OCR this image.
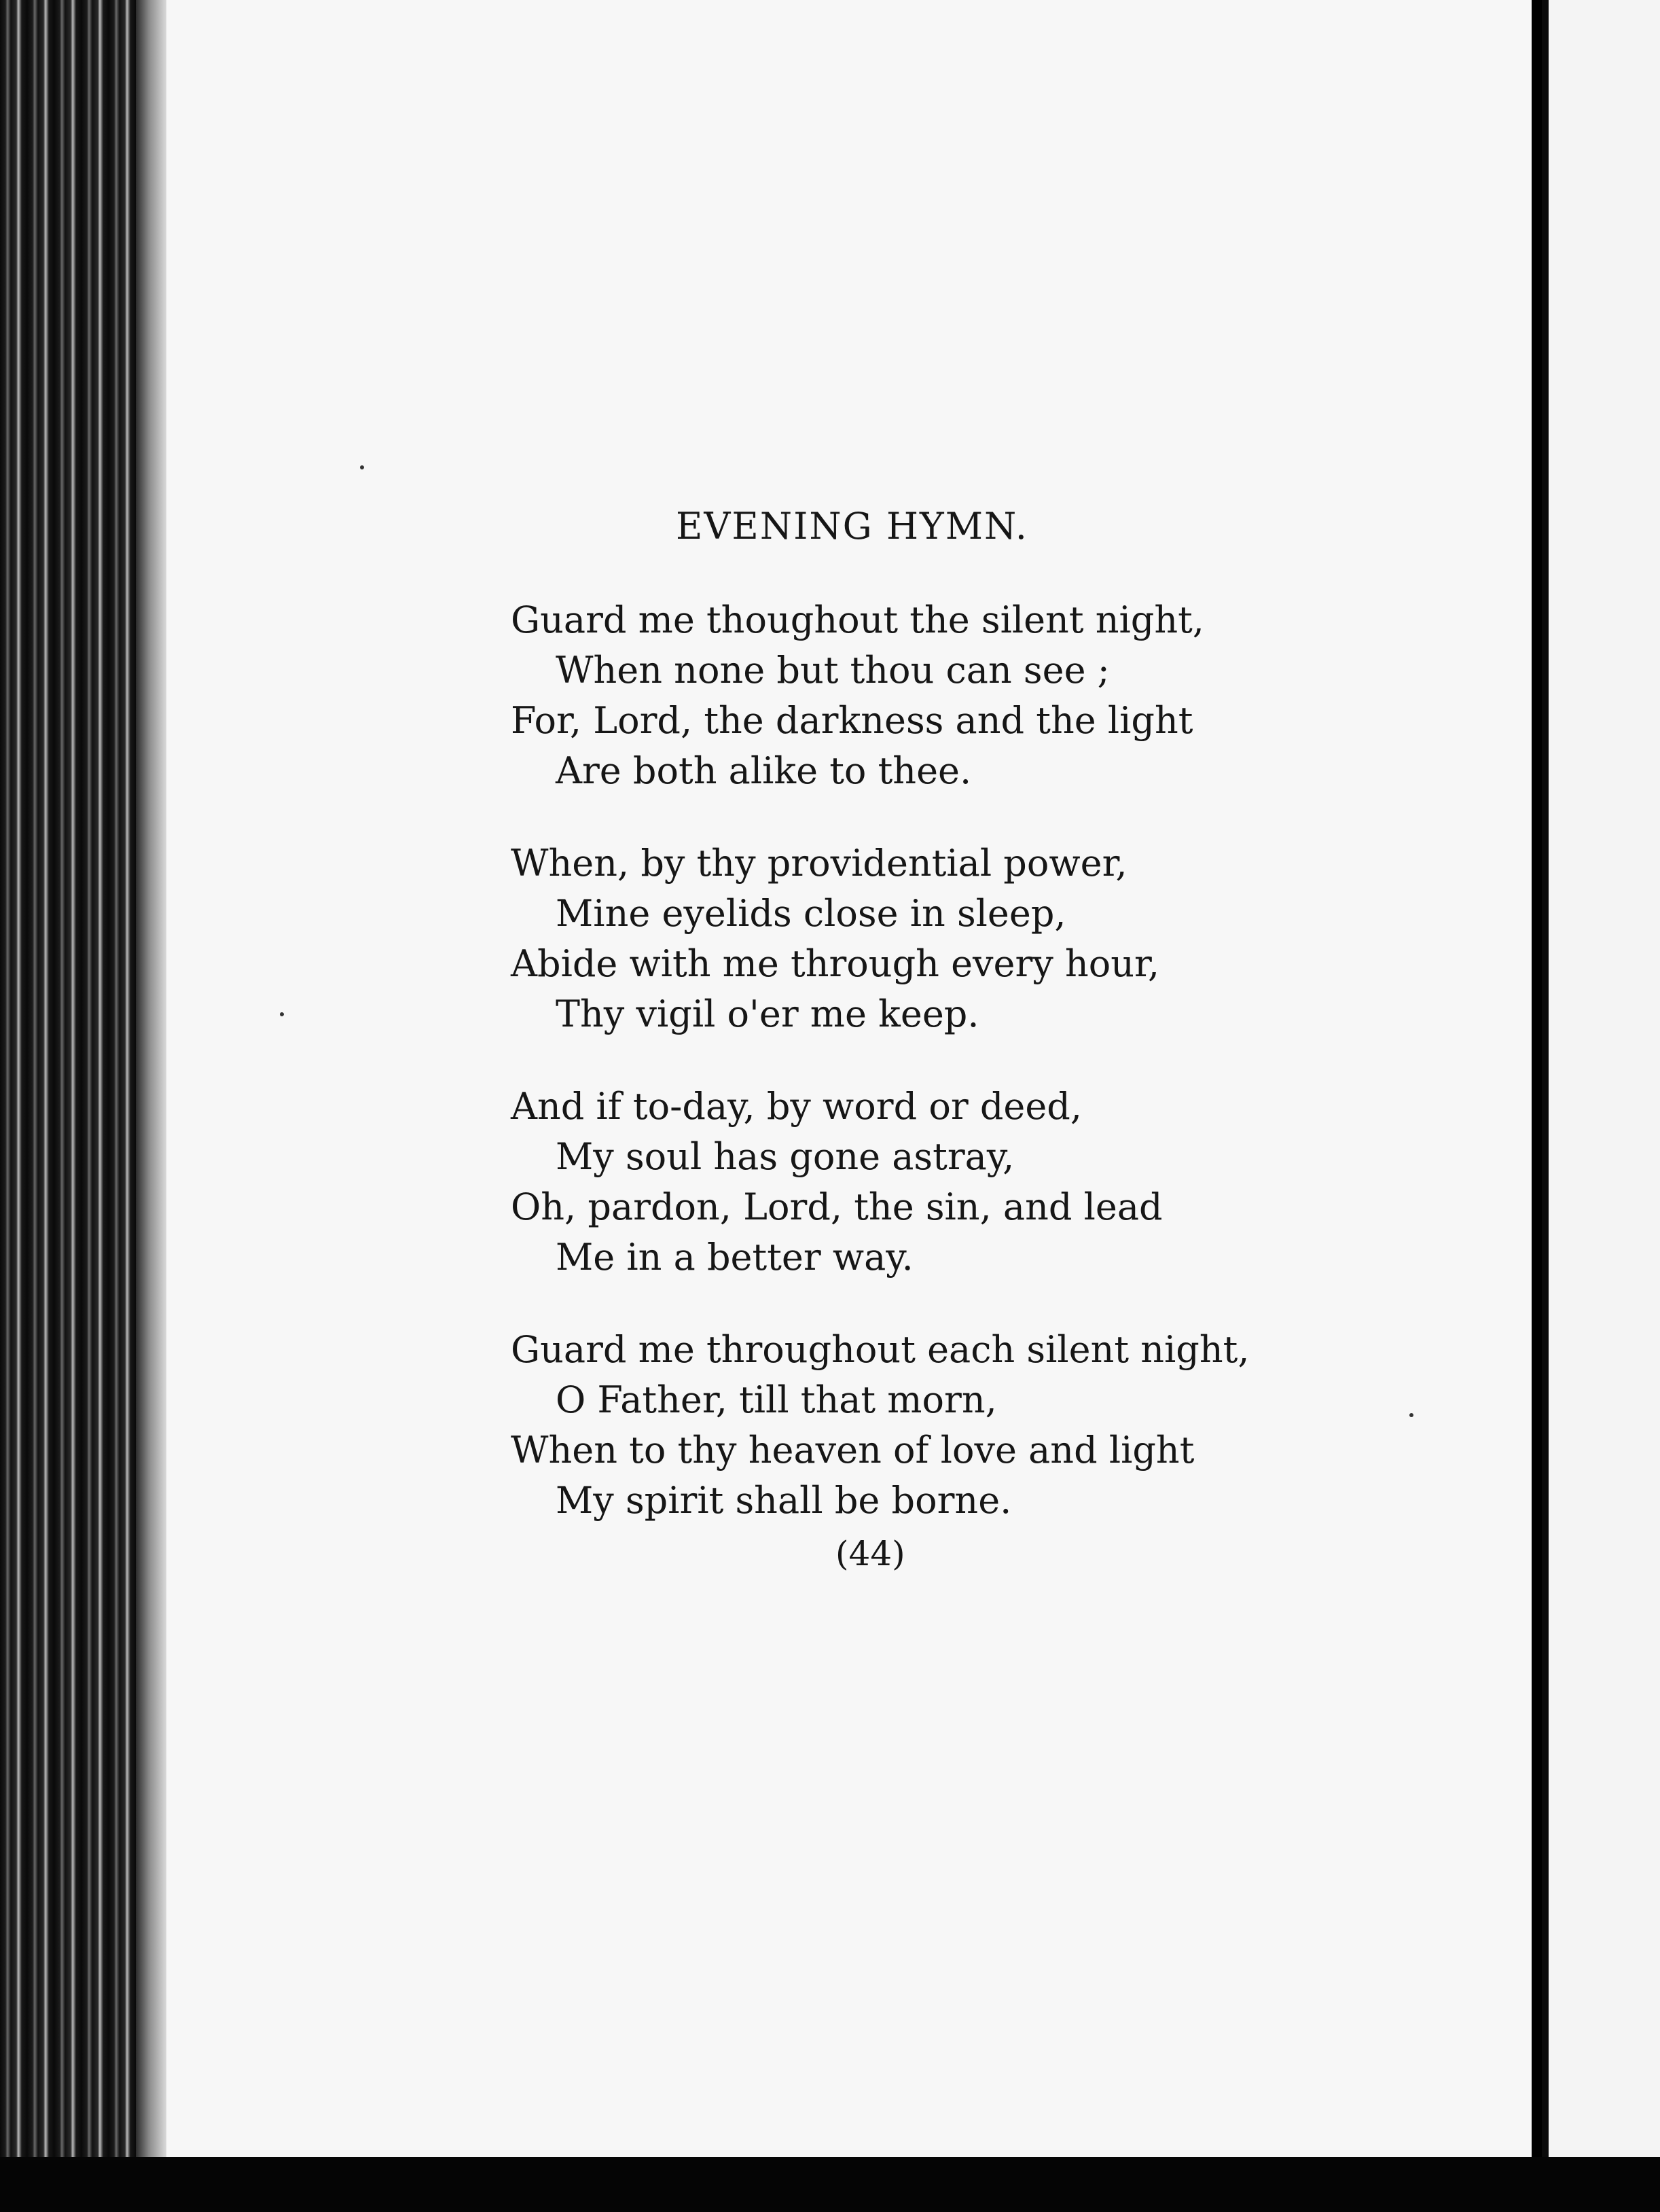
EVENING HYMN.
Guard me thoughout the silent night,
When none but thou can see ;
For, Lord, the darkness and the light
Are both alike to thee.
When, by thy providential power,
Mine eyelids close in sleep,
Abide with me through every hour,
Thy vigil o'er me keep.
And if to-day, by word or deed,
My soul has gone astray,
Oh, pardon, Lord, the sin, and lead
Me in a better way.
Guard me throughout each silent night,
O Father, till that morn,
When to thy heaven of love and light
My spirit shall be borne.
(44)
